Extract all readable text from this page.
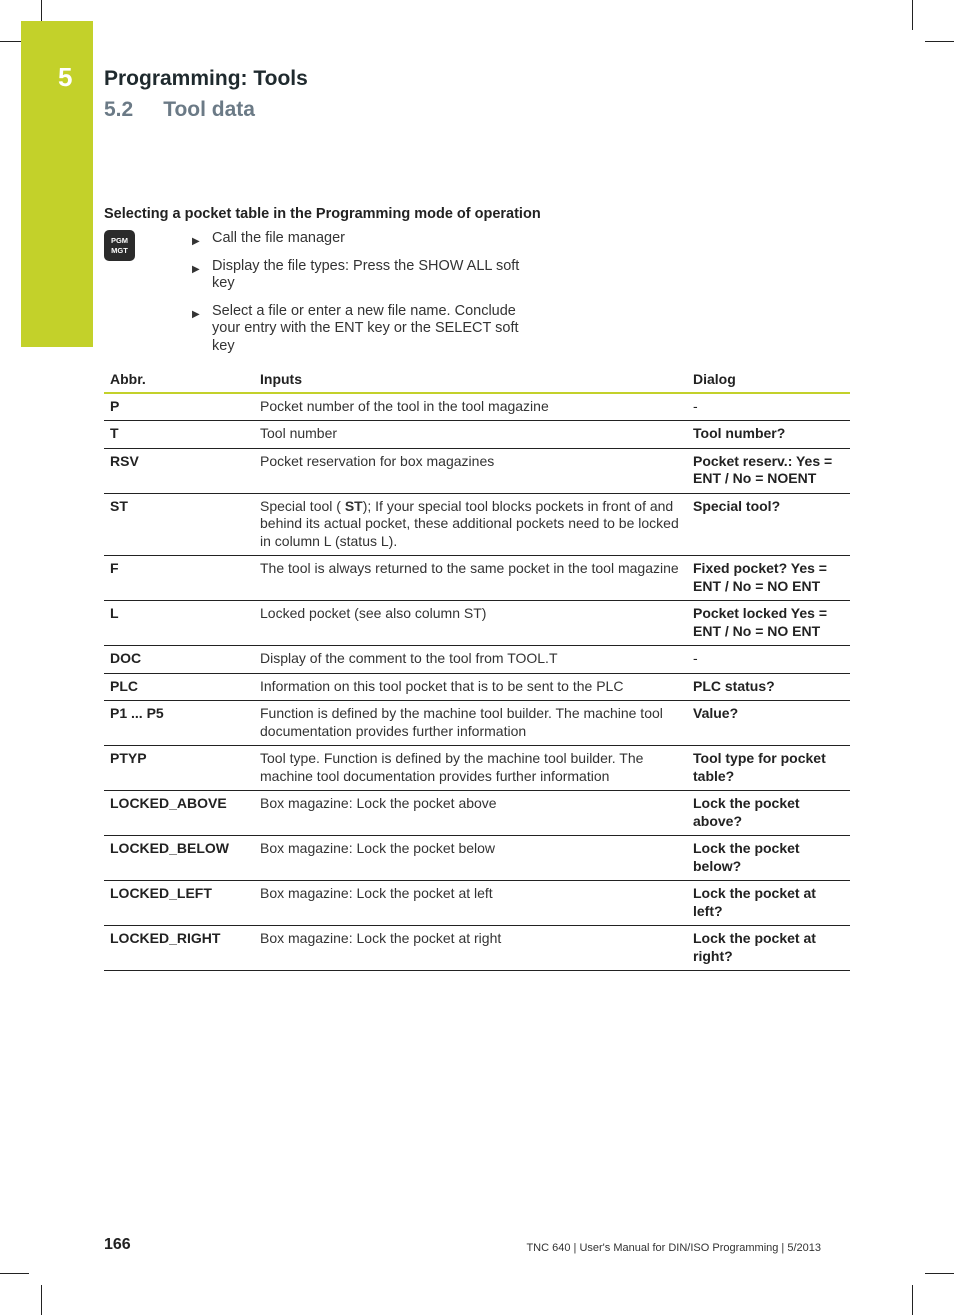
5 Programming: Tools
5.2 Tool data
Selecting a pocket table in the Programming mode of operation
PGM
MGT
▶ Call the file manager
▶ Display the file types: Press the SHOW ALL soft key
▶ Select a file or enter a new file name. Conclude your entry with the ENT key or the SELECT soft key
Abbr.	Inputs	Dialog
P	Pocket number of the tool in the tool magazine	-
T	Tool number	Tool number?
RSV	Pocket reservation for box magazines	Pocket reserv.: Yes = ENT / No = NOENT
ST	Special tool ( ST); If your special tool blocks pockets in front of and behind its actual pocket, these additional pockets need to be locked in column L (status L).	Special tool?
F	The tool is always returned to the same pocket in the tool magazine	Fixed pocket? Yes = ENT / No = NO ENT
L	Locked pocket (see also column ST)	Pocket locked Yes = ENT / No = NO ENT
DOC	Display of the comment to the tool from TOOL.T	-
PLC	Information on this tool pocket that is to be sent to the PLC	PLC status?
P1 ... P5	Function is defined by the machine tool builder. The machine tool documentation provides further information	Value?
PTYP	Tool type. Function is defined by the machine tool builder. The machine tool documentation provides further information	Tool type for pocket table?
LOCKED_ABOVE	Box magazine: Lock the pocket above	Lock the pocket above?
LOCKED_BELOW	Box magazine: Lock the pocket below	Lock the pocket below?
LOCKED_LEFT	Box magazine: Lock the pocket at left	Lock the pocket at left?
LOCKED_RIGHT	Box magazine: Lock the pocket at right	Lock the pocket at right?
166	TNC 640 | User's Manual for DIN/ISO Programming | 5/2013
